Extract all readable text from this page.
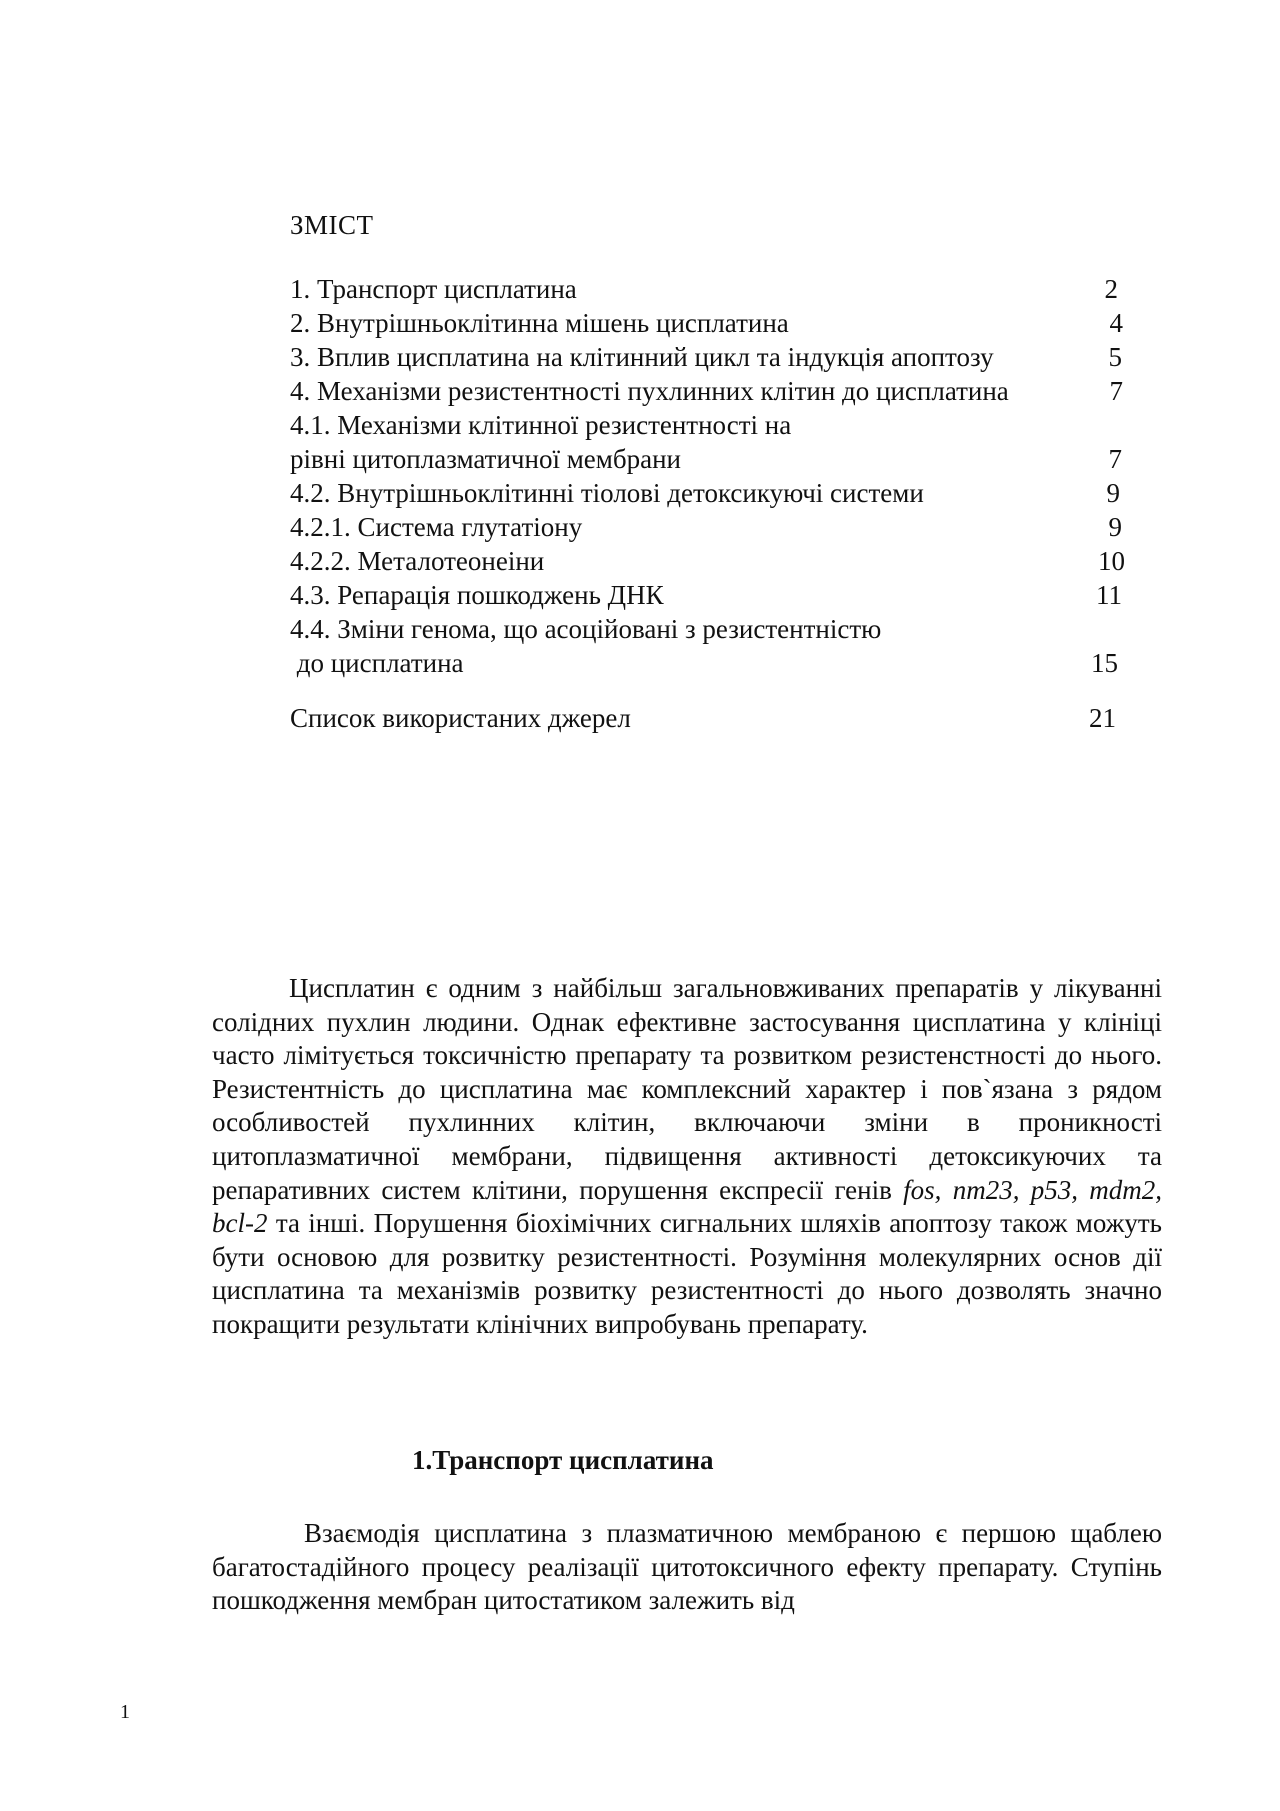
ЗМІСТ
1. Транспорт цисплатина	2
2. Внутрішньоклітинна мішень цисплатина	4
3. Вплив цисплатина на клітинний цикл та індукція апоптозу	5
4. Механізми резистентності пухлинних клітин до цисплатина	7
4.1. Механізми клітинної резистентності на
рівні цитоплазматичної мембрани	7
4.2. Внутрішньоклітинні тіолові детоксикуючі системи	9
4.2.1. Система глутатіону	9
4.2.2. Металотеонеіни	10
4.3. Репарація пошкоджень ДНК	11
4.4. Зміни генома, що асоційовані з резистентністю
до цисплатина	15
Список використаних джерел	21

Цисплатин є одним з найбільш загальновживаних препаратів у лікуванні солідних пухлин людини. Однак ефективне застосування цисплатина у клініці часто лімітується токсичністю препарату та розвитком резистенстності до нього. Резистентність до цисплатина має комплексний характер і пов`язана з рядом особливостей пухлинних клітин, включаючи зміни в проникності цитоплазматичної мембрани, підвищення активності детоксикуючих та репаративних систем клітини, порушення експресії генів fos, nm23, p53, mdm2, bcl-2 та інші. Порушення біохімічних сигнальних шляхів апоптозу також можуть бути основою для розвитку резистентності. Розуміння молекулярних основ дії цисплатина та механізмів розвитку резистентності до нього дозволять значно покращити результати клінічних випробувань препарату.

1.Транспорт цисплатина

Взаємодія цисплатина з плазматичною мембраною є першою щаблею багатостадійного процесу реалізації цитотоксичного ефекту препарату. Ступінь пошкодження мембран цитостатиком залежить від

1
